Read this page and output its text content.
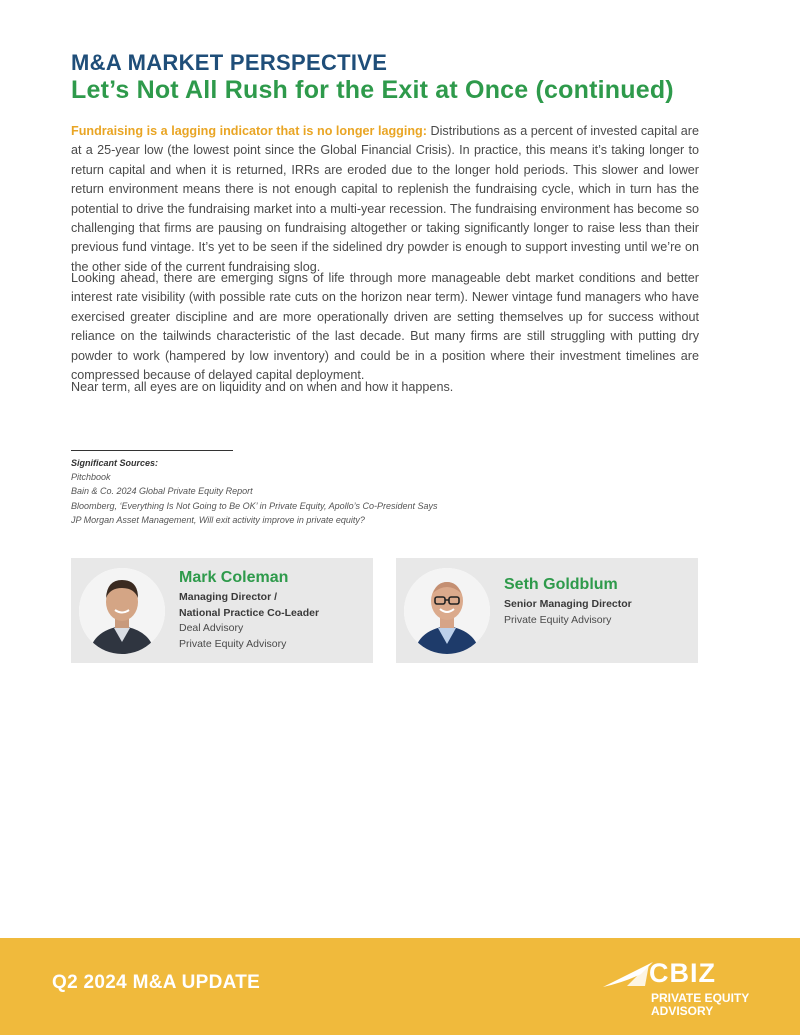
M&A MARKET PERSPECTIVE
Let’s Not All Rush for the Exit at Once (continued)

Fundraising is a lagging indicator that is no longer lagging: Distributions as a percent of invested capital are at a 25-year low (the lowest point since the Global Financial Crisis). In practice, this means it’s taking longer to return capital and when it is returned, IRRs are eroded due to the longer hold periods. This slower and lower return environment means there is not enough capital to replenish the fundraising cycle, which in turn has the potential to drive the fundraising market into a multi-year recession. The fundraising environment has become so challenging that firms are pausing on fundraising altogether or taking significantly longer to raise less than their previous fund vintage. It’s yet to be seen if the sidelined dry powder is enough to support investing until we’re on the other side of the current fundraising slog.

Looking ahead, there are emerging signs of life through more manageable debt market conditions and better interest rate visibility (with possible rate cuts on the horizon near term). Newer vintage fund managers who have exercised greater discipline and are more operationally driven are setting themselves up for success without reliance on the tailwinds characteristic of the last decade. But many firms are still struggling with putting dry powder to work (hampered by low inventory) and could be in a position where their investment timelines are compressed because of delayed capital deployment.

Near term, all eyes are on liquidity and on when and how it happens.

Significant Sources:
Pitchbook
Bain & Co. 2024 Global Private Equity Report
Bloomberg, ‘Everything Is Not Going to Be OK’ in Private Equity, Apollo’s Co-President Says
JP Morgan Asset Management, Will exit activity improve in private equity?
Mark Coleman
Managing Director /
National Practice Co-Leader
Deal Advisory
Private Equity Advisory
Seth Goldblum
Senior Managing Director
Private Equity Advisory
Q2 2024 M&A UPDATE	CBIZ
PRIVATE EQUITY
ADVISORY
